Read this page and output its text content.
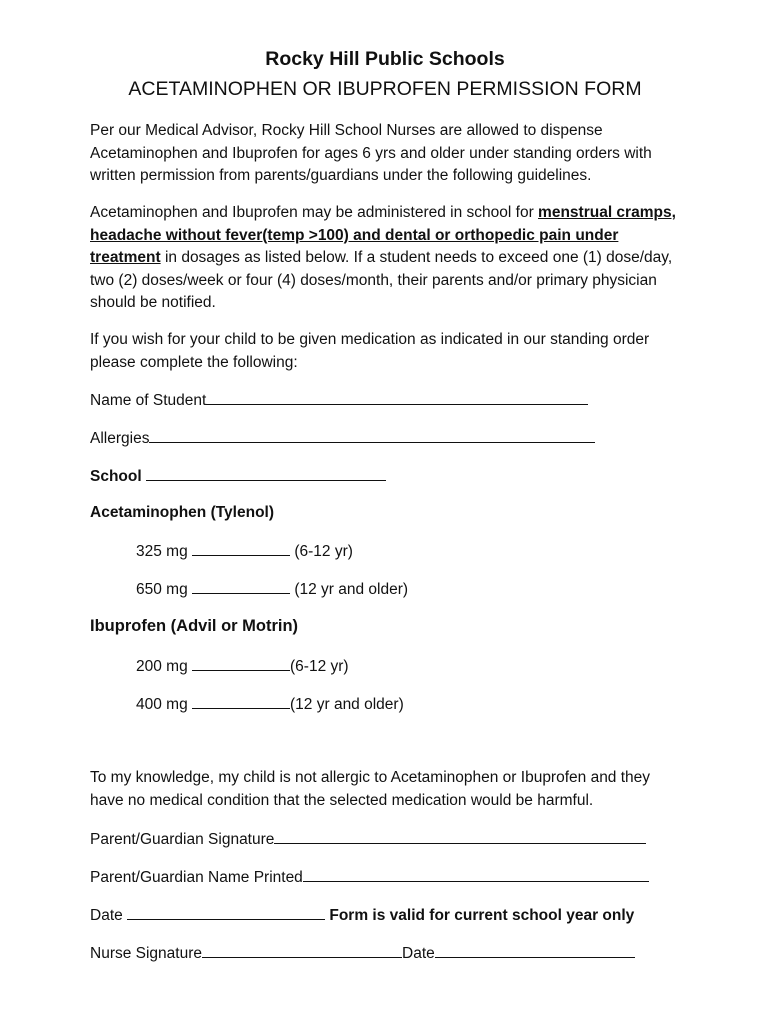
Rocky Hill Public Schools
ACETAMINOPHEN OR IBUPROFEN PERMISSION FORM
Per our Medical Advisor, Rocky Hill School Nurses are allowed to dispense Acetaminophen and Ibuprofen for ages 6 yrs and older under standing orders with written permission from parents/guardians under the following guidelines.
Acetaminophen and Ibuprofen may be administered in school for menstrual cramps, headache without fever(temp >100) and dental or orthopedic pain under treatment in dosages as listed below. If a student needs to exceed one (1) dose/day, two (2) doses/week or four (4) doses/month, their parents and/or primary physician should be notified.
If you wish for your child to be given medication as indicated in our standing order please complete the following:
Name of Student
Allergies
School
Acetaminophen (Tylenol)
325 mg	(6-12 yr)
650 mg	(12 yr and older)
Ibuprofen (Advil or Motrin)
200 mg	(6-12 yr)
400 mg	(12 yr and older)
To my knowledge, my child is not allergic to Acetaminophen or Ibuprofen and they have no medical condition that the selected medication would be harmful.
Parent/Guardian Signature
Parent/Guardian Name Printed
Date	Form is valid for current school year only
Nurse Signature	Date
